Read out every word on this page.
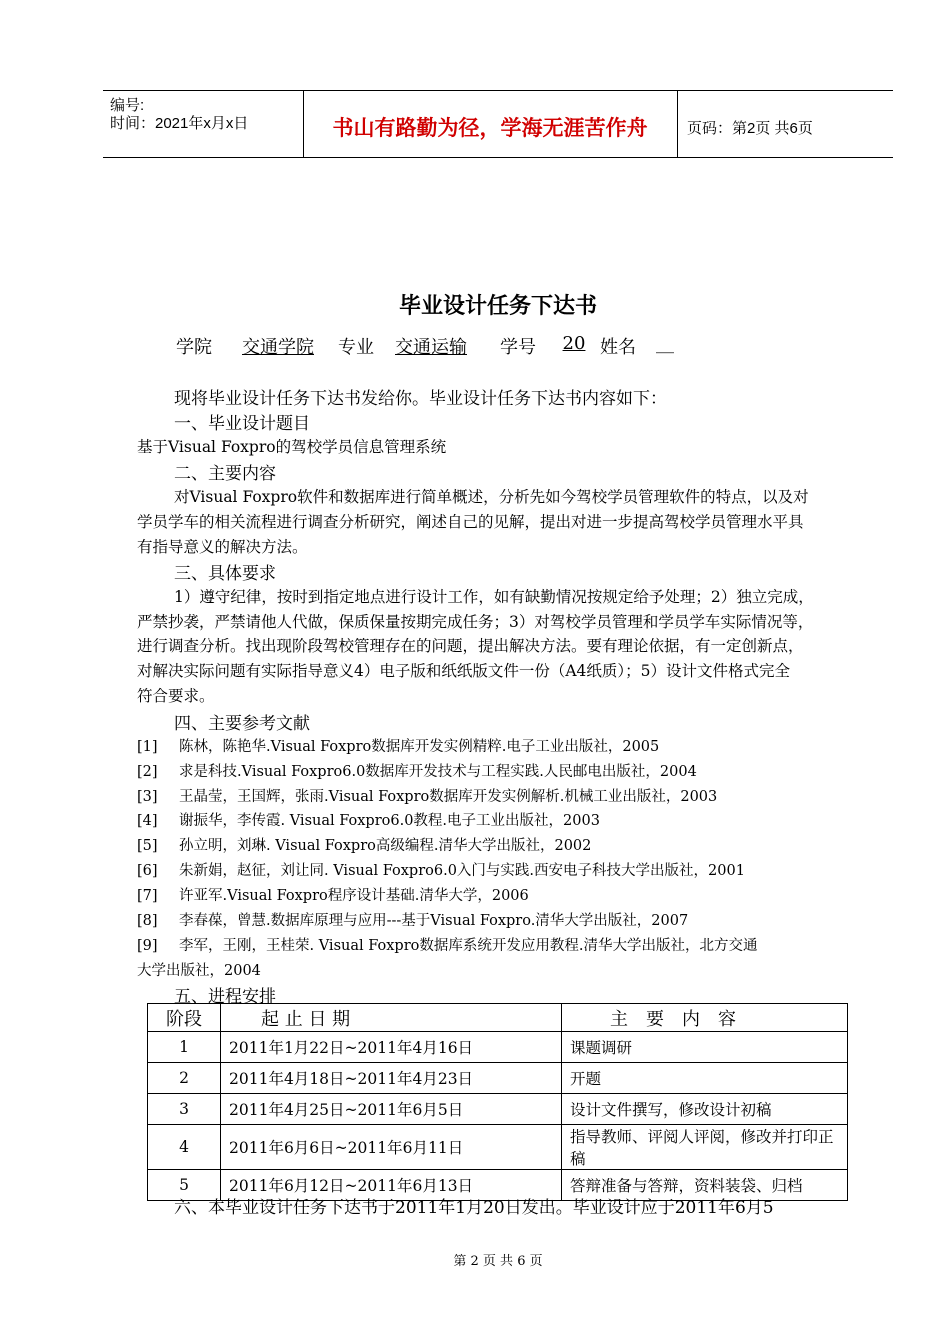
编号:
时间：2021年x月x日	书山有路勤为径，学海无涯苦作舟	页码：第2页 共6页
毕业设计任务下达书
学院 交通学院 专业 交通运输 学号	20 姓名 __
现将毕业设计任务下达书发给你。毕业设计任务下达书内容如下：
一、毕业设计题目
基于Visual Foxpro的驾校学员信息管理系统
二、主要内容
对Visual Foxpro软件和数据库进行简单概述，分析先如今驾校学员管理软件的特点，以及对
学员学车的相关流程进行调查分析研究，阐述自己的见解，提出对进一步提高驾校学员管理水平具
有指导意义的解决方法。
三、具体要求
1）遵守纪律，按时到指定地点进行设计工作，如有缺勤情况按规定给予处理；2）独立完成，
严禁抄袭，严禁请他人代做，保质保量按期完成任务；3）对驾校学员管理和学员学车实际情况等，
进行调查分析。找出现阶段驾校管理存在的问题，提出解决方法。要有理论依据，有一定创新点，
对解决实际问题有实际指导意义4）电子版和纸纸版文件一份（A4纸质）；5）设计文件格式完全
符合要求。
四、主要参考文献
[1] 陈林，陈艳华.Visual Foxpro数据库开发实例精粹.电子工业出版社，2005
[2] 求是科技.Visual Foxpro6.0数据库开发技术与工程实践.人民邮电出版社，2004
[3] 王晶莹，王国辉，张雨.Visual Foxpro数据库开发实例解析.机械工业出版社，2003
[4] 谢振华，李传霞. Visual Foxpro6.0教程.电子工业出版社，2003
[5] 孙立明，刘琳. Visual Foxpro高级编程.清华大学出版社，2002
[6] 朱新娟，赵征，刘让同. Visual Foxpro6.0入门与实践.西安电子科技大学出版社，2001
[7] 许亚军.Visual Foxpro程序设计基础.清华大学，2006
[8] 李春葆，曾慧.数据库原理与应用---基于Visual Foxpro.清华大学出版社，2007
[9] 李军，王刚，王桂荣. Visual Foxpro数据库系统开发应用教程.清华大学出版社，北方交通
大学出版社，2004
五、进程安排
阶段	起 止 日 期	主　要　内　容
1	2011年1月22日~2011年4月16日	课题调研
2	2011年4月18日~2011年4月23日	开题
3	2011年4月25日~2011年6月5日	设计文件撰写，修改设计初稿
4	2011年6月6日~2011年6月11日	指导教师、评阅人评阅，修改并打印正稿
5	2011年6月12日~2011年6月13日	答辩准备与答辩，资料装袋、归档
六、本毕业设计任务下达书于2011年1月20日发出。毕业设计应于2011年6月5
第 2 页 共 6 页
